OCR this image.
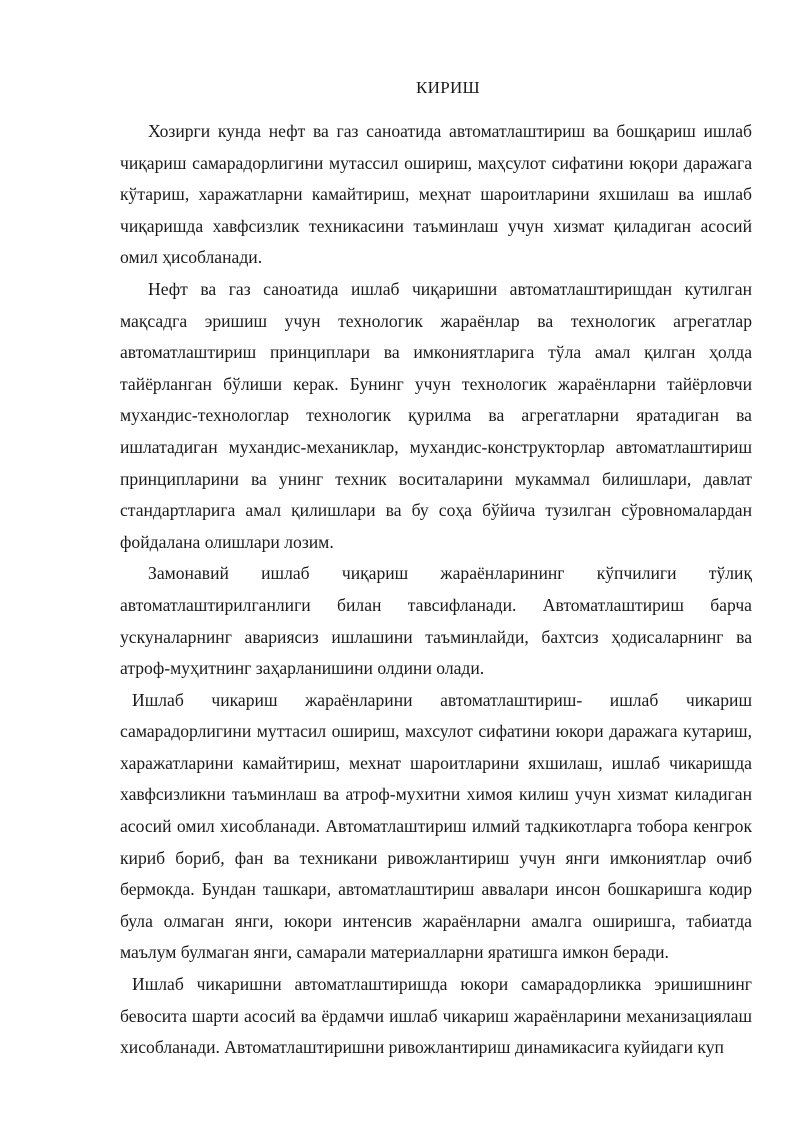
КИРИШ

Хозирги кунда нефт ва газ саноатида автоматлаштириш ва бошқариш ишлаб чиқариш самарадорлигини мутассил ошириш, маҳсулот сифатини юқори даражага кўтариш, харажатларни камайтириш, меҳнат шароитларини яхшилаш ва ишлаб чиқаришда хавфсизлик техникасини таъминлаш учун хизмат қиладиган асосий омил ҳисобланади.

Нефт ва газ саноатида ишлаб чиқаришни автоматлаштиришдан кутилган мақсадга эришиш учун технологик жараёнлар ва технологик агрегатлар автоматлаштириш принциплари ва имкониятларига тўла амал қилган ҳолда тайёрланган бўлиши керак. Бунинг учун технологик жараёнларни тайёрловчи мухандис-технологлар технологик қурилма ва агрегатларни яратадиган ва ишлатадиган мухандис-механиклар, мухандис-конструкторлар автоматлаштириш принципларини ва унинг техник воситаларини мукаммал билишлари, давлат стандартларига амал қилишлари ва бу соҳа бўйича тузилган сўровномалардан фойдалана олишлари лозим.

Замонавий ишлаб чиқариш жараёнларининг кўпчилиги тўлиқ автоматлаштирилганлиги билан тавсифланади. Автоматлаштириш барча ускуналарнинг авариясиз ишлашини таъминлайди, бахтсиз ҳодисаларнинг ва атроф-муҳитнинг заҳарланишини олдини олади.

Ишлаб чикариш жараёнларини автоматлаштириш- ишлаб чикариш самарадорлигини муттасил ошириш, махсулот сифатини юкори даражага кутариш, харажатларини камайтириш, мехнат шароитларини яхшилаш, ишлаб чикаришда хавфсизликни таъминлаш ва атроф-мухитни химоя килиш учун хизмат киладиган асосий омил хисобланади. Автоматлаштириш илмий тадкикотларга тобора кенгрок кириб бориб, фан ва техникани ривожлантириш учун янги имкониятлар очиб бермокда. Бундан ташкари, автоматлаштириш аввалари инсон бошкаришга кодир була олмаган янги, юкори интенсив жараёнларни амалга оширишга, табиатда маълум булмаган янги, самарали материалларни яратишга имкон беради.

Ишлаб чикаришни автоматлаштиришда юкори самарадорликка эришишнинг бевосита шарти асосий ва ёрдамчи ишлаб чикариш жараёнларини механизациялаш хисобланади. Автоматлаштиришни ривожлантириш динамикасига куйидаги куп
